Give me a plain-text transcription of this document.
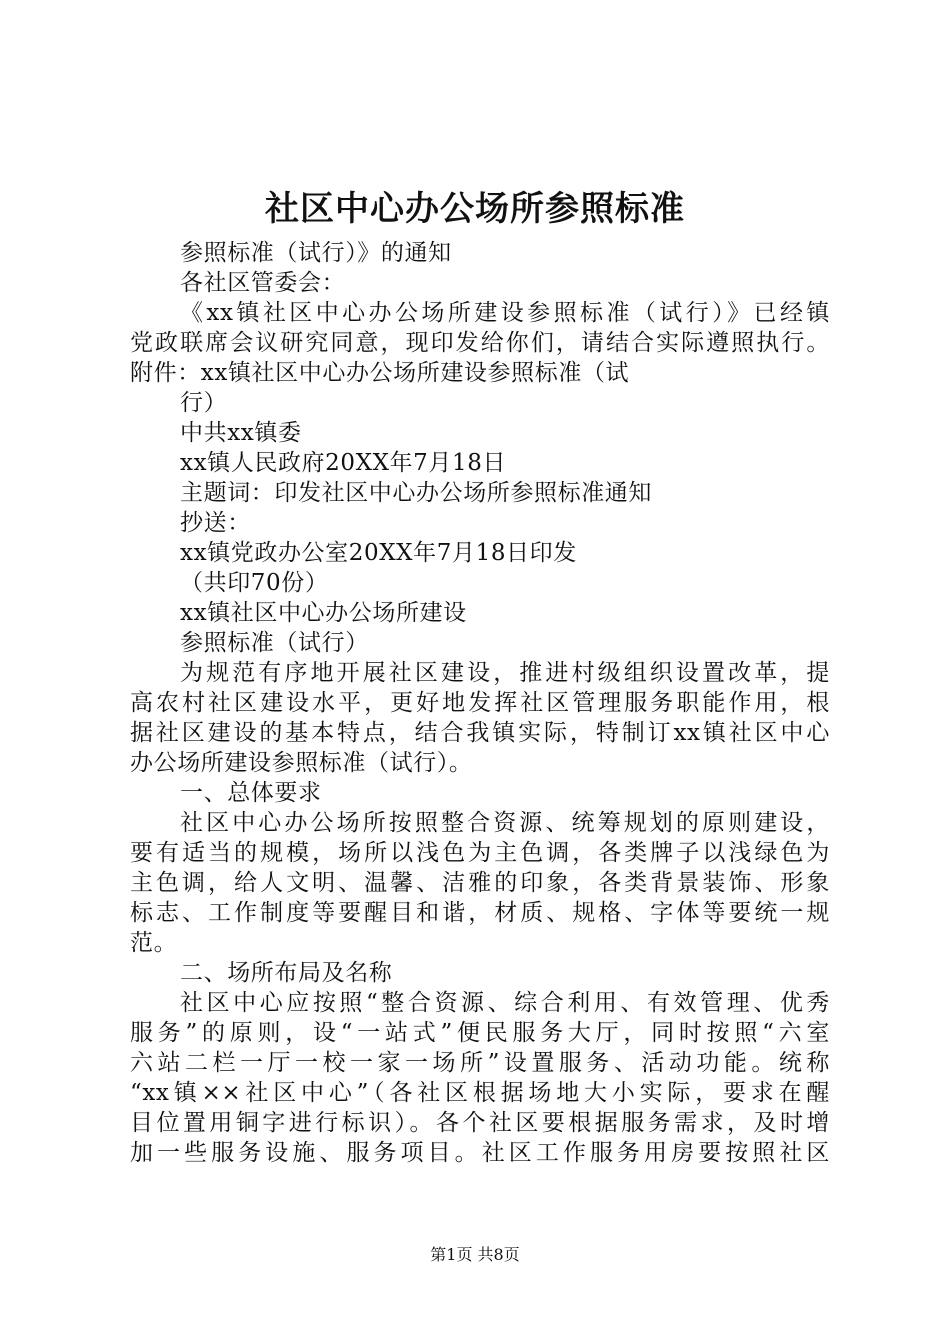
社区中心办公场所参照标准
参照标准（试行）》的通知
各社区管委会：
《xx镇社区中心办公场所建设参照标准（试行）》已经镇
党政联席会议研究同意，现印发给你们，请结合实际遵照执行。
附件：xx镇社区中心办公场所建设参照标准（试
行）
中共xx镇委
xx镇人民政府20XX年7月18日
主题词：印发社区中心办公场所参照标准通知
抄送：
xx镇党政办公室20XX年7月18日印发
（共印70份）
xx镇社区中心办公场所建设
参照标准（试行）
为规范有序地开展社区建设，推进村级组织设置改革，提
高农村社区建设水平，更好地发挥社区管理服务职能作用，根
据社区建设的基本特点，结合我镇实际，特制订xx镇社区中心
办公场所建设参照标准（试行）。
一、总体要求
社区中心办公场所按照整合资源、统筹规划的原则建设，
要有适当的规模，场所以浅色为主色调，各类牌子以浅绿色为
主色调，给人文明、温馨、洁雅的印象，各类背景装饰、形象
标志、工作制度等要醒目和谐，材质、规格、字体等要统一规
范。
二、场所布局及名称
社区中心应按照“整合资源、综合利用、有效管理、优秀
服务”的原则，设“一站式”便民服务大厅，同时按照“六室
六站二栏一厅一校一家一场所”设置服务、活动功能。统称
“xx镇××社区中心”（各社区根据场地大小实际，要求在醒
目位置用铜字进行标识）。各个社区要根据服务需求，及时增
加一些服务设施、服务项目。社区工作服务用房要按照社区
第1页 共8页
